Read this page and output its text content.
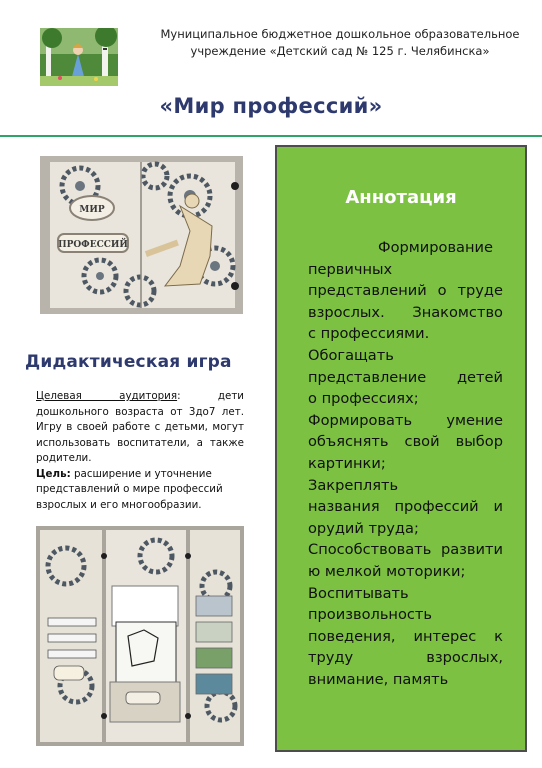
Муниципальное бюджетное дошкольное образовательное
учреждение «Детский сад № 125 г. Челябинска»
«Мир профессий»
МИР
ПРОФЕССИЙ
Дидактическая игра

Целевая аудитория: дети дошкольного возраста от 3до7 лет. Игру в своей работе с детьми, могут использовать воспитатели, а также родители.

Цель: расширение и уточнение представлений о мире профессий взрослых и его многообразии.

Аннотация
Формирование
первичных
представлений о труде
взрослых. Знакомство
с профессиями.
Обогащать
представление детей
о профессиях;
Формировать умение
объяснять свой выбор
картинки;
Закреплять
названия профессий и
орудий труда;
Способствовать развити
ю мелкой моторики;
Воспитывать
произвольность
поведения, интерес к
труду взрослых,
внимание, память
